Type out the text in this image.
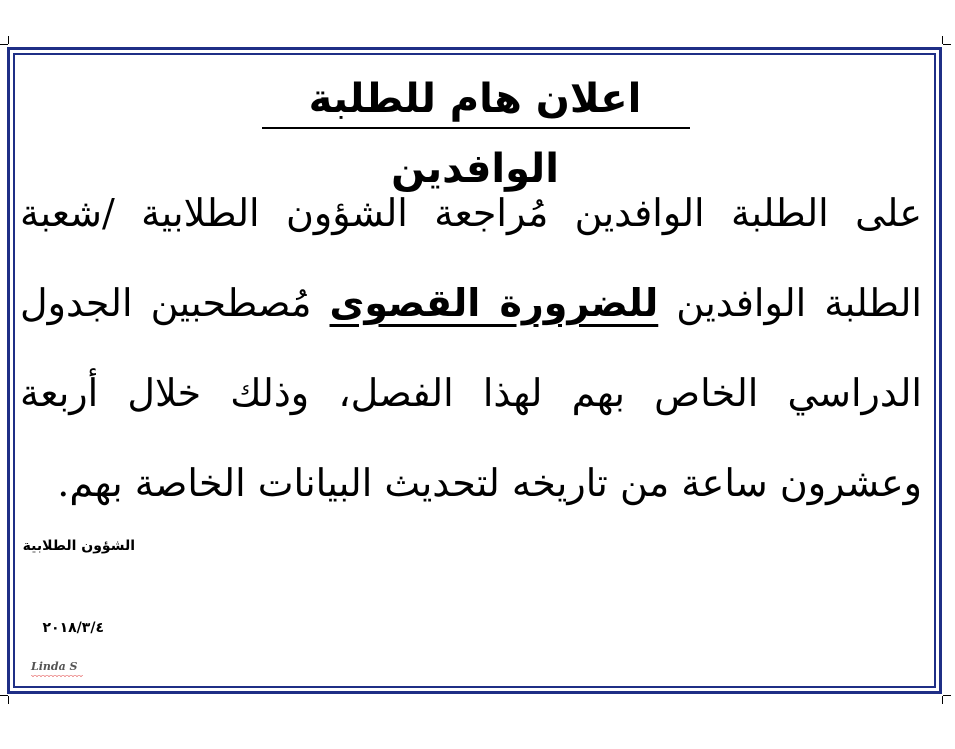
اعلان هام للطلبة الوافدين
على الطلبة الوافدين مُراجعة الشؤون الطلابية /شعبة الطلبة الوافدين للضرورة القصوى مُصطحبين الجدول الدراسي الخاص بهم لهذا الفصل، وذلك خلال أربعة وعشرون ساعة من تاريخه لتحديث البيانات الخاصة بهم.
الشؤون الطلابية
٢٠١٨/٣/٤
Linda S
